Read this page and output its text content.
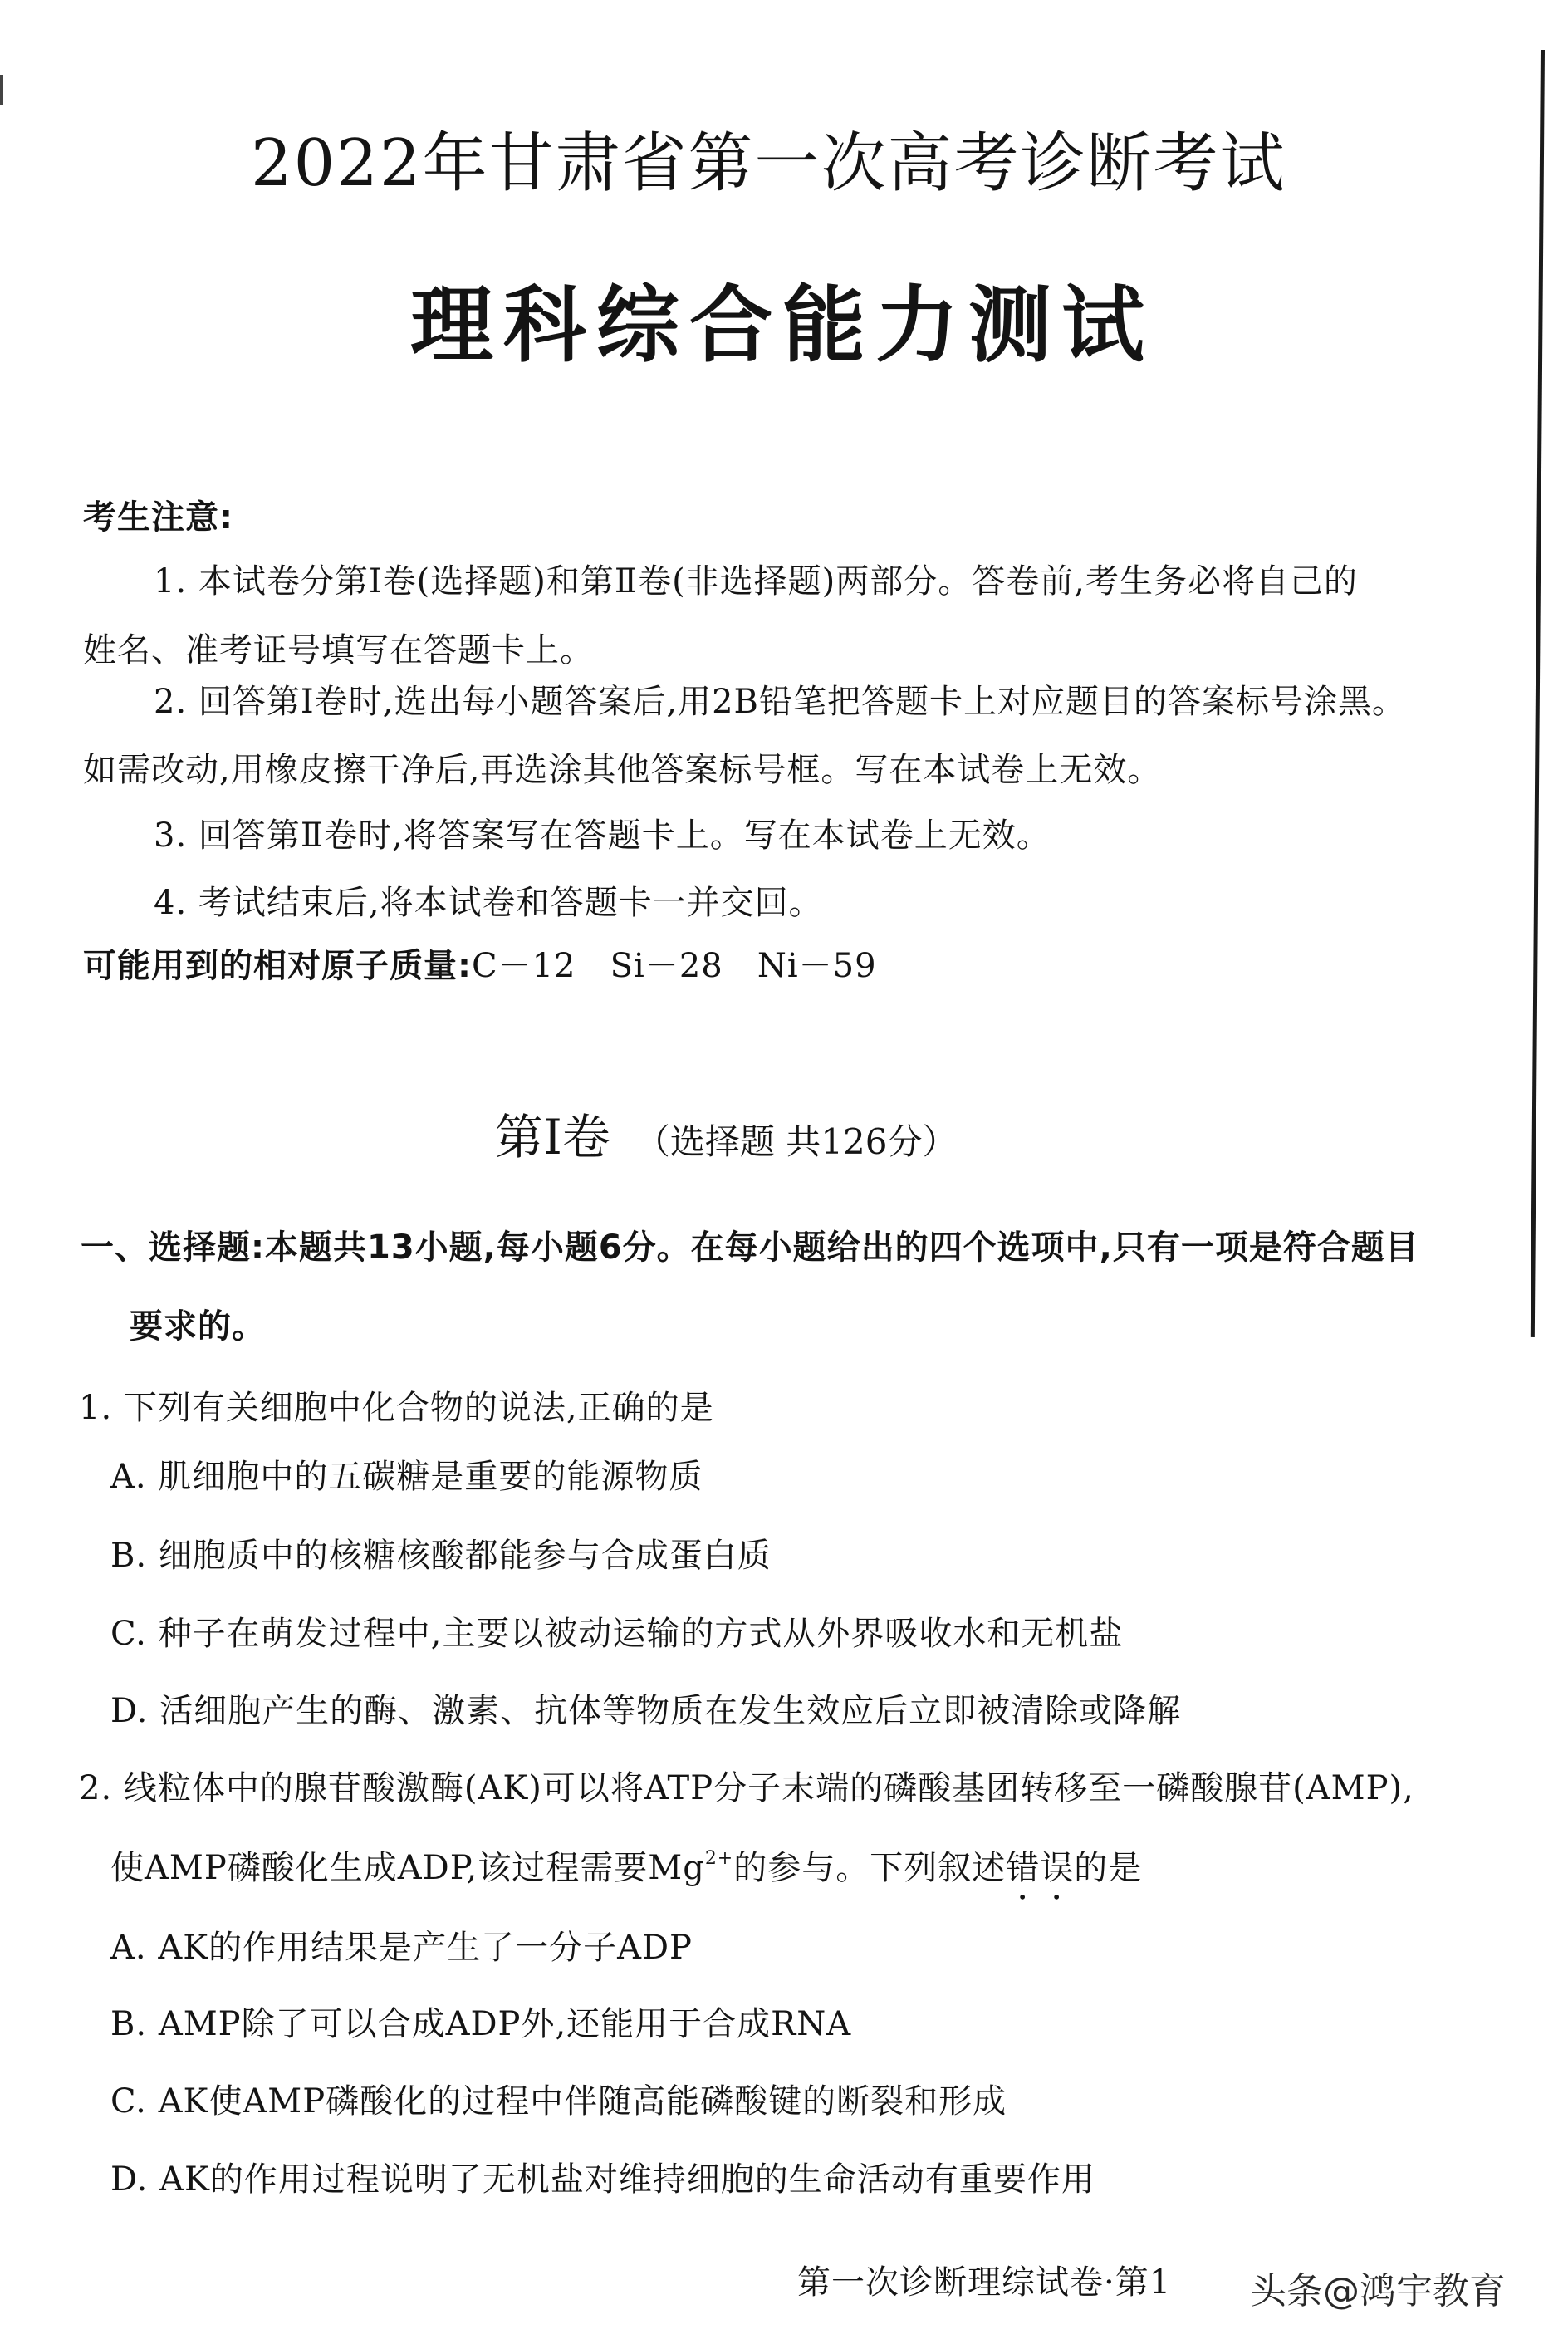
2022年甘肃省第一次高考诊断考试
理科综合能力测试
考生注意:
1. 本试卷分第Ⅰ卷(选择题)和第Ⅱ卷(非选择题)两部分。答卷前,考生务必将自己的
姓名、准考证号填写在答题卡上。
2. 回答第Ⅰ卷时,选出每小题答案后,用2B铅笔把答题卡上对应题目的答案标号涂黑。
如需改动,用橡皮擦干净后,再选涂其他答案标号框。写在本试卷上无效。
3. 回答第Ⅱ卷时,将答案写在答题卡上。写在本试卷上无效。
4. 考试结束后,将本试卷和答题卡一并交回。
可能用到的相对原子质量:C－12   Si－28   Ni－59
第Ⅰ卷 （选择题 共126分）
一、选择题:本题共13小题,每小题6分。在每小题给出的四个选项中,只有一项是符合题目
要求的。
1. 下列有关细胞中化合物的说法,正确的是
A. 肌细胞中的五碳糖是重要的能源物质
B. 细胞质中的核糖核酸都能参与合成蛋白质
C. 种子在萌发过程中,主要以被动运输的方式从外界吸收水和无机盐
D. 活细胞产生的酶、激素、抗体等物质在发生效应后立即被清除或降解
2. 线粒体中的腺苷酸激酶(AK)可以将ATP分子末端的磷酸基团转移至一磷酸腺苷(AMP),
使AMP磷酸化生成ADP,该过程需要$Mg^{2+}$的参与。下列叙述错误的是
A. AK的作用结果是产生了一分子ADP
B. AMP除了可以合成ADP外,还能用于合成RNA
C. AK使AMP磷酸化的过程中伴随高能磷酸键的断裂和形成
D. AK的作用过程说明了无机盐对维持细胞的生命活动有重要作用
第一次诊断理综试卷·第1 头条@鸿宇教育
